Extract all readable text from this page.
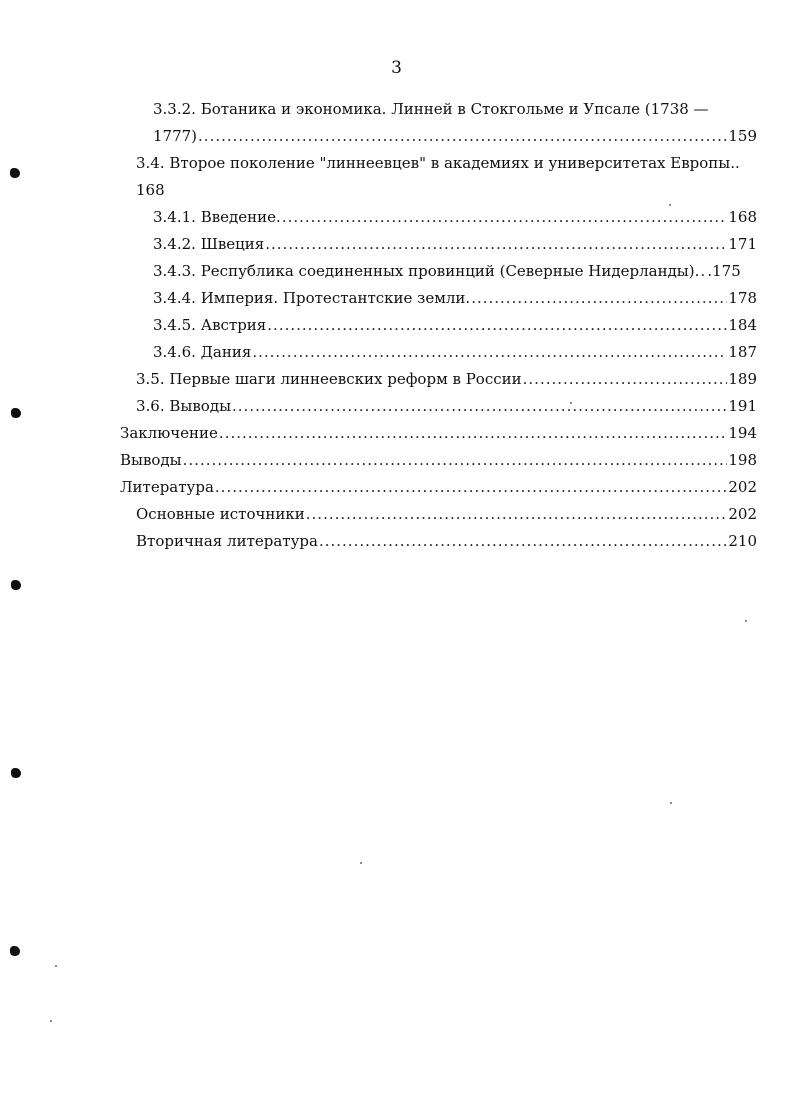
3
3.3.2. Ботаника и экономика. Линней в Стокгольме и Упсале (1738 —
1777) .....	159
3.4. Второе поколение "линнеевцев" в академиях и университетах Европы..
168
3.4.1. Введение. .....	168
3.4.2. Швеция .....	171
3.4.3. Республика соединенных провинций (Северные Нидерланды). ..... .175
3.4.4. Империя. Протестантские земли. .....	178
3.4.5. Австрия .....	184
3.4.6. Дания .....	187
3.5. Первые шаги линнеевских реформ в России .....	189
3.6. Выводы .....	191
Заключение .....	194
Выводы .....	198
Литература .....	202
Основные источники .....	202
Вторичная литература .....	210
